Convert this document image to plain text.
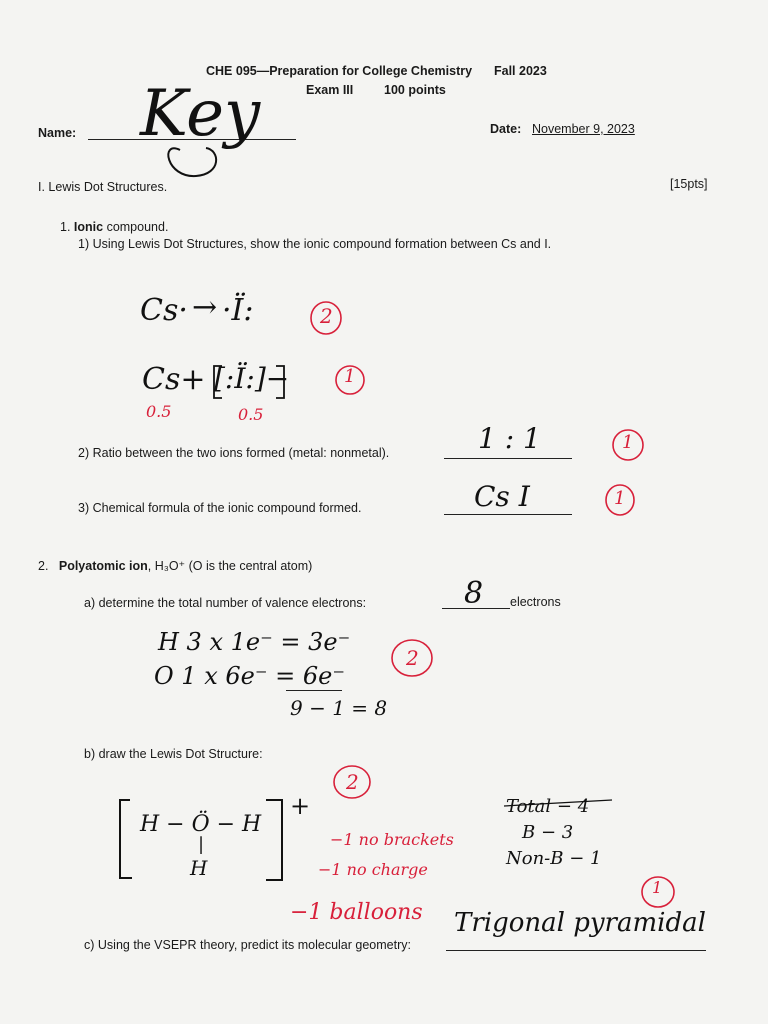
CHE 095—Preparation for College Chemistry Fall 2023
Exam III 100 points
Name: Key	Date: November 9, 2023
I. Lewis Dot Structures.	[15pts]
1. Ionic compound.
1) Using Lewis Dot Structures, show the ionic compound formation between Cs and I.
Cs· → ·Ï:	2
Cs+ [:Ï:]−	1
0.5	0.5
2) Ratio between the two ions formed (metal: nonmetal).	1 : 1	1
3) Chemical formula of the ionic compound formed.	Cs I	1
2. Polyatomic ion, H₃O⁺ (O is the central atom)
a) determine the total number of valence electrons:	8 electrons
H 3 x 1e⁻ = 3e⁻
O 1 x 6e⁻ = 6e⁻
9 − 1 = 8
2
b) draw the Lewis Dot Structure:
2
H − Ö − H
|
H
+	Total − 4
B − 3
Non-B − 1
−1 no brackets
−1 no charge
−1 balloons
1
c) Using the VSEPR theory, predict its molecular geometry:
Trigonal pyramidal
